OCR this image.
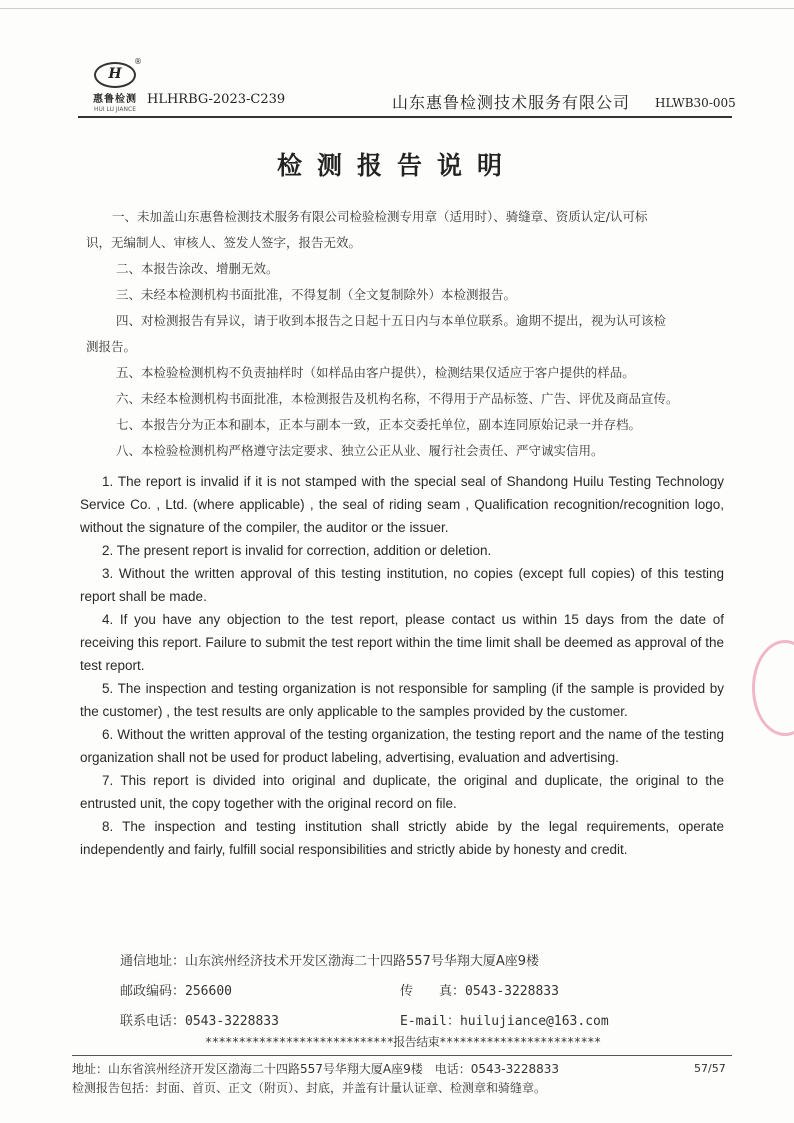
H
®
惠鲁检测
HUI LU JIANCE
HLHRBG-2023-C239	山东惠鲁检测技术服务有限公司 HLWB30-005
检测报告说明

一、未加盖山东惠鲁检测技术服务有限公司检验检测专用章（适用时）、骑缝章、资质认定/认可标

识，无编制人、审核人、签发人签字，报告无效。

二、本报告涂改、增删无效。

三、未经本检测机构书面批准，不得复制（全文复制除外）本检测报告。

四、对检测报告有异议，请于收到本报告之日起十五日内与本单位联系。逾期不提出，视为认可该检

测报告。

五、本检验检测机构不负责抽样时（如样品由客户提供），检测结果仅适应于客户提供的样品。

六、未经本检测机构书面批准，本检测报告及机构名称，不得用于产品标签、广告、评优及商品宣传。

七、本报告分为正本和副本，正本与副本一致，正本交委托单位，副本连同原始记录一并存档。

八、本检验检测机构严格遵守法定要求、独立公正从业、履行社会责任、严守诚实信用。

1. The report is invalid if it is not stamped with the special seal of Shandong Huilu Testing Technology Service Co. , Ltd. (where applicable) , the seal of riding seam , Qualification recognition/recognition logo, without the signature of the compiler, the auditor or the issuer.

2. The present report is invalid for correction, addition or deletion.

3. Without the written approval of this testing institution, no copies (except full copies) of this testing report shall be made.

4. If you have any objection to the test report, please contact us within 15 days from the date of receiving this report. Failure to submit the test report within the time limit shall be deemed as approval of the test report.

5. The inspection and testing organization is not responsible for sampling (if the sample is provided by the customer) , the test results are only applicable to the samples provided by the customer.

6. Without the written approval of the testing organization, the testing report and the name of the testing organization shall not be used for product labeling, advertising, evaluation and advertising.

7. This report is divided into original and duplicate, the original and duplicate, the original to the entrusted unit, the copy together with the original record on file.

8. The inspection and testing institution shall strictly abide by the legal requirements, operate independently and fairly, fulfill social responsibilities and strictly abide by honesty and credit.

通信地址：山东滨州经济技术开发区渤海二十四路557号华翔大厦A座9楼
邮政编码：256600	传　　真：0543-3228833
联系电话：0543-3228833	E-mail：huilujiance@163.com
****************************报告结束************************
地址：山东省滨州经济开发区渤海二十四路557号华翔大厦A座9楼　电话：0543-3228833	57/57
检测报告包括：封面、首页、正文（附页）、封底，并盖有计量认证章、检测章和骑缝章。
